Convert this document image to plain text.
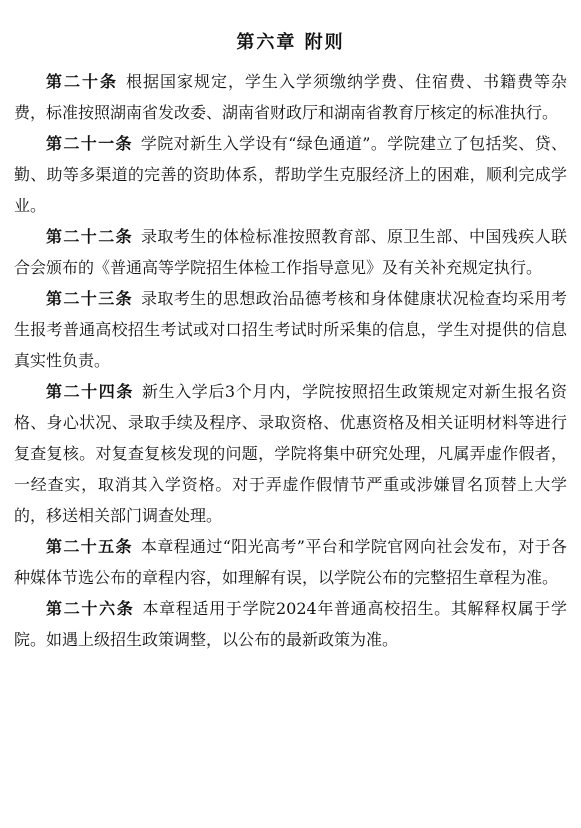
第六章 附则

第二十条 根据国家规定，学生入学须缴纳学费、住宿费、书籍费等杂费，标准按照湖南省发改委、湖南省财政厅和湖南省教育厅核定的标准执行。

第二十一条 学院对新生入学设有“绿色通道”。学院建立了包括奖、贷、勤、助等多渠道的完善的资助体系，帮助学生克服经济上的困难，顺利完成学业。

第二十二条 录取考生的体检标准按照教育部、原卫生部、中国残疾人联合会颁布的《普通高等学院招生体检工作指导意见》及有关补充规定执行。

第二十三条 录取考生的思想政治品德考核和身体健康状况检查均采用考生报考普通高校招生考试或对口招生考试时所采集的信息，学生对提供的信息真实性负责。

第二十四条 新生入学后3个月内，学院按照招生政策规定对新生报名资格、身心状况、录取手续及程序、录取资格、优惠资格及相关证明材料等进行复查复核。对复查复核发现的问题，学院将集中研究处理，凡属弄虚作假者，一经查实，取消其入学资格。对于弄虚作假情节严重或涉嫌冒名顶替上大学的，移送相关部门调查处理。

第二十五条 本章程通过“阳光高考”平台和学院官网向社会发布，对于各种媒体节选公布的章程内容，如理解有误，以学院公布的完整招生章程为准。

第二十六条 本章程适用于学院2024年普通高校招生。其解释权属于学院。如遇上级招生政策调整，以公布的最新政策为准。
